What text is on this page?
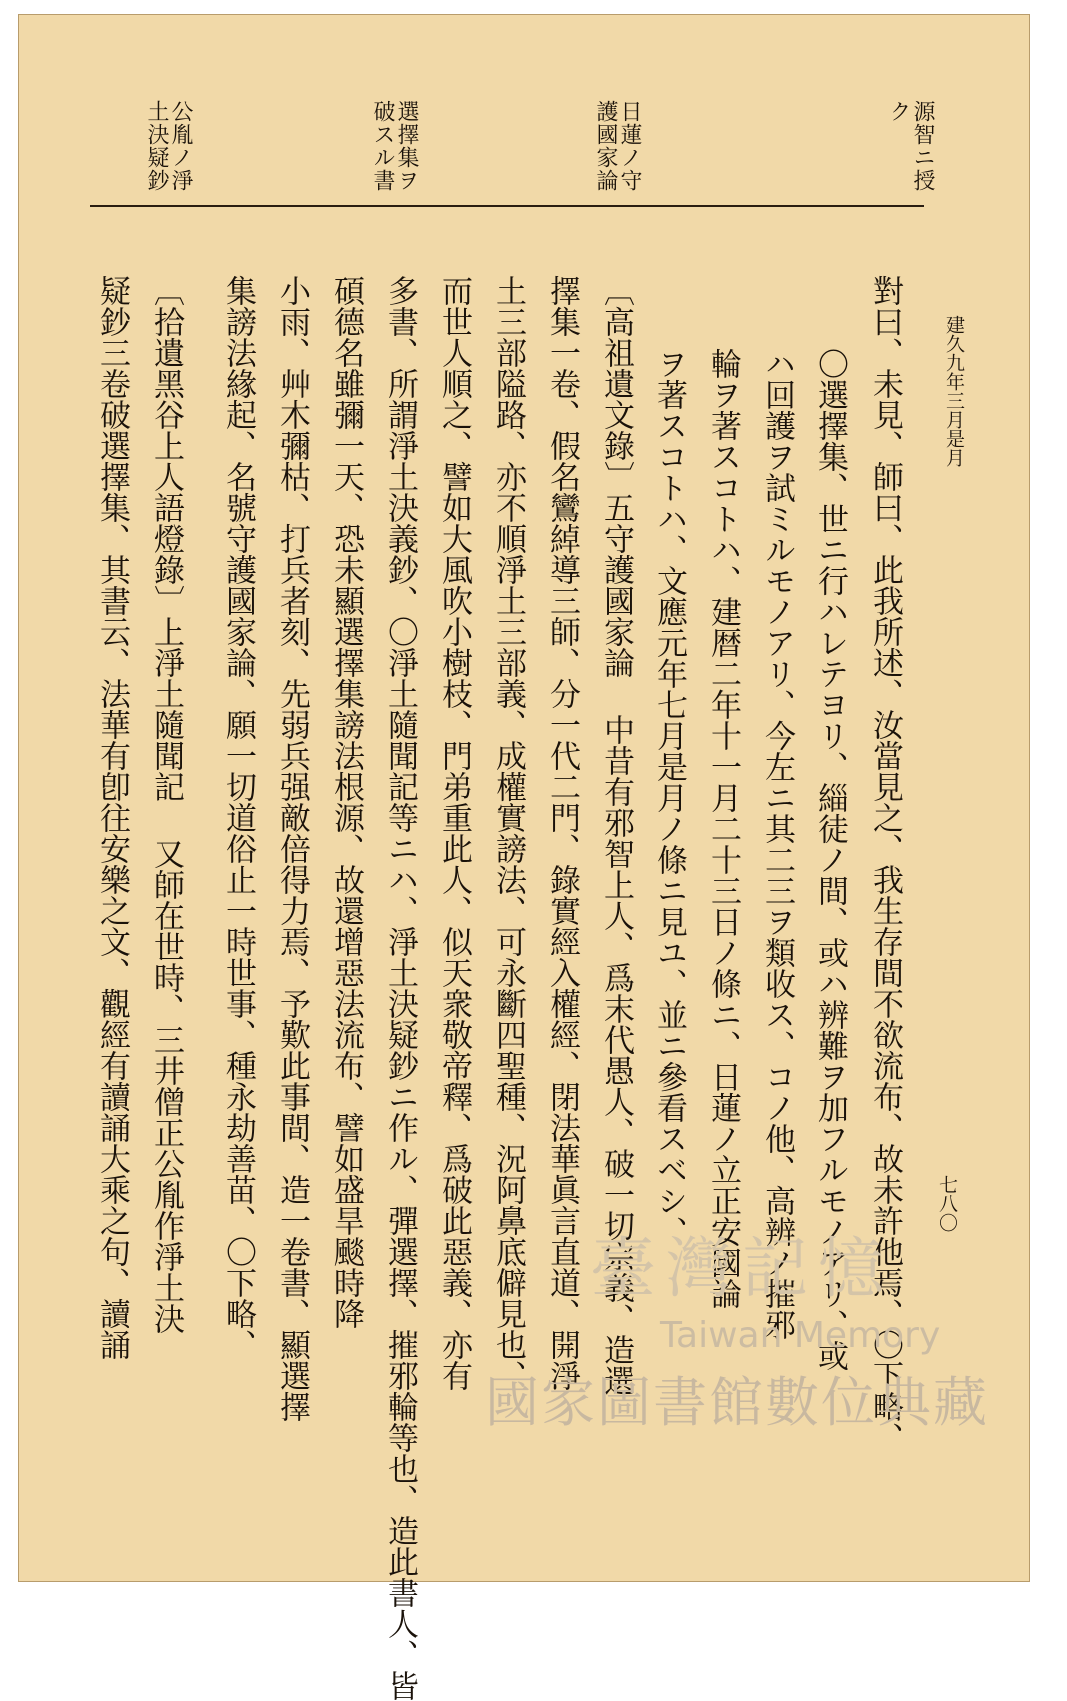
七八〇
建久九年三月是月
源智ニ授ク
日蓮ノ守護國家論
選擇集ヲ破スル書
公胤ノ淨土決疑鈔
對曰、未見、師曰、此我所述、汝當見之、我生存間不欲流布、故未許他焉、〇下略、
〇選擇集、世ニ行ハレテヨリ、緇徒ノ間、或ハ辨難ヲ加フルモノアリ、或
ハ回護ヲ試ミルモノアリ、今左ニ其二三ヲ類收ス、コノ他、高辨ノ摧邪
輪ヲ著スコトハ、建暦二年十一月二十三日ノ條ニ、日蓮ノ立正安國論
ヲ著スコトハ、文應元年七月是月ノ條ニ見ユ、並ニ參看スベシ、
〔高祖遺文錄〕五守護國家論 中昔有邪智上人、爲末代愚人、破一切宗義、造選
擇集一卷、假名鸞綽導三師、分一代二門、錄實經入權經、閉法華眞言直道、開淨
土三部隘路、亦不順淨土三部義、成權實謗法、可永斷四聖種、況阿鼻底僻見也、
而世人順之、譬如大風吹小樹枝、門弟重此人、似天衆敬帝釋、爲破此惡義、亦有
多書、所謂淨土決義鈔、〇淨土隨聞記等ニハ、淨土決疑鈔ニ作ル、彈選擇、摧邪輪等也、造此書人、皆
碩德名雖彌一天、恐未顯選擇集謗法根源、故還增惡法流布、譬如盛旱颷時降
小雨、艸木彌枯、打兵者刻、先弱兵强敵倍得力焉、予歎此事間、造一卷書、顯選擇
集謗法緣起、名號守護國家論、願一切道俗止一時世事、種永劫善苗、〇下略、
〔拾遺黑谷上人語燈錄〕上淨土隨聞記 又師在世時、三井僧正公胤作淨土決
疑鈔三卷破選擇集、其書云、法華有卽往安樂之文、觀經有讀誦大乘之句、讀誦	臺灣記憶
Taiwan Memory
國家圖書館數位典藏
